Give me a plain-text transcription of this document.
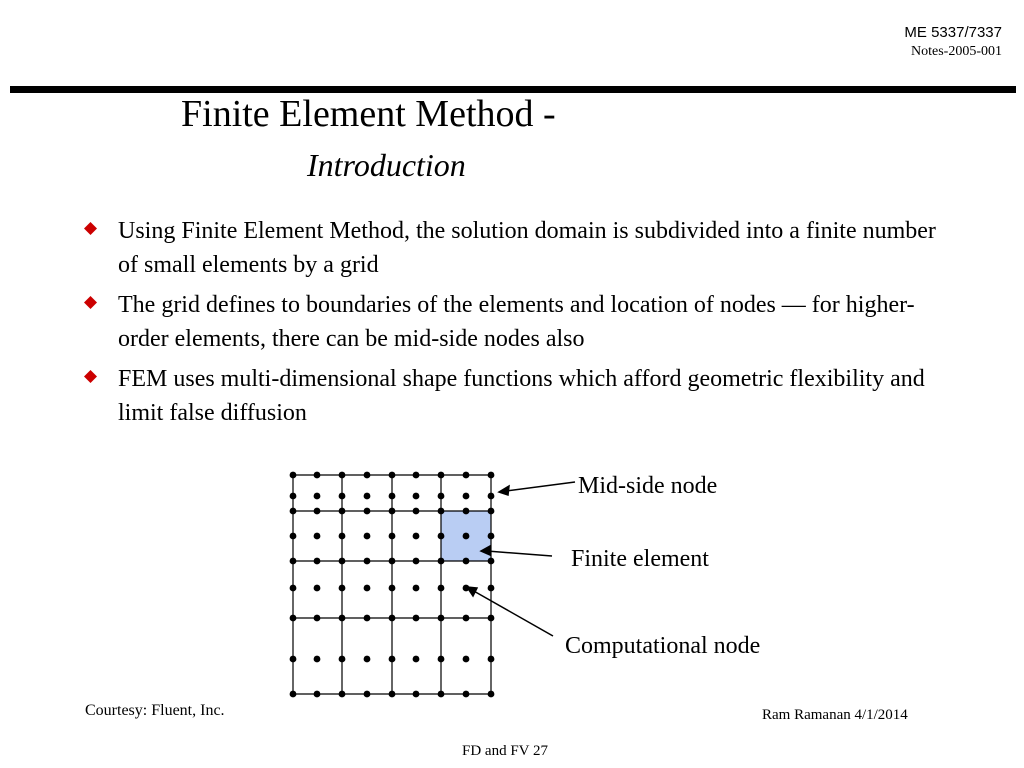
ME 5337/7337
Notes-2005-001
Finite Element Method -
Introduction
Using Finite Element Method, the solution domain is subdivided into a finite number of small elements by a grid
The grid defines to boundaries of the elements and location of nodes — for higher-order elements, there can be mid-side nodes also
FEM uses multi-dimensional shape functions which afford geometric flexibility and limit false diffusion
Mid-side node
Finite element
Computational node
Courtesy: Fluent, Inc.	Ram Ramanan 4/1/2014
FD and FV 27
